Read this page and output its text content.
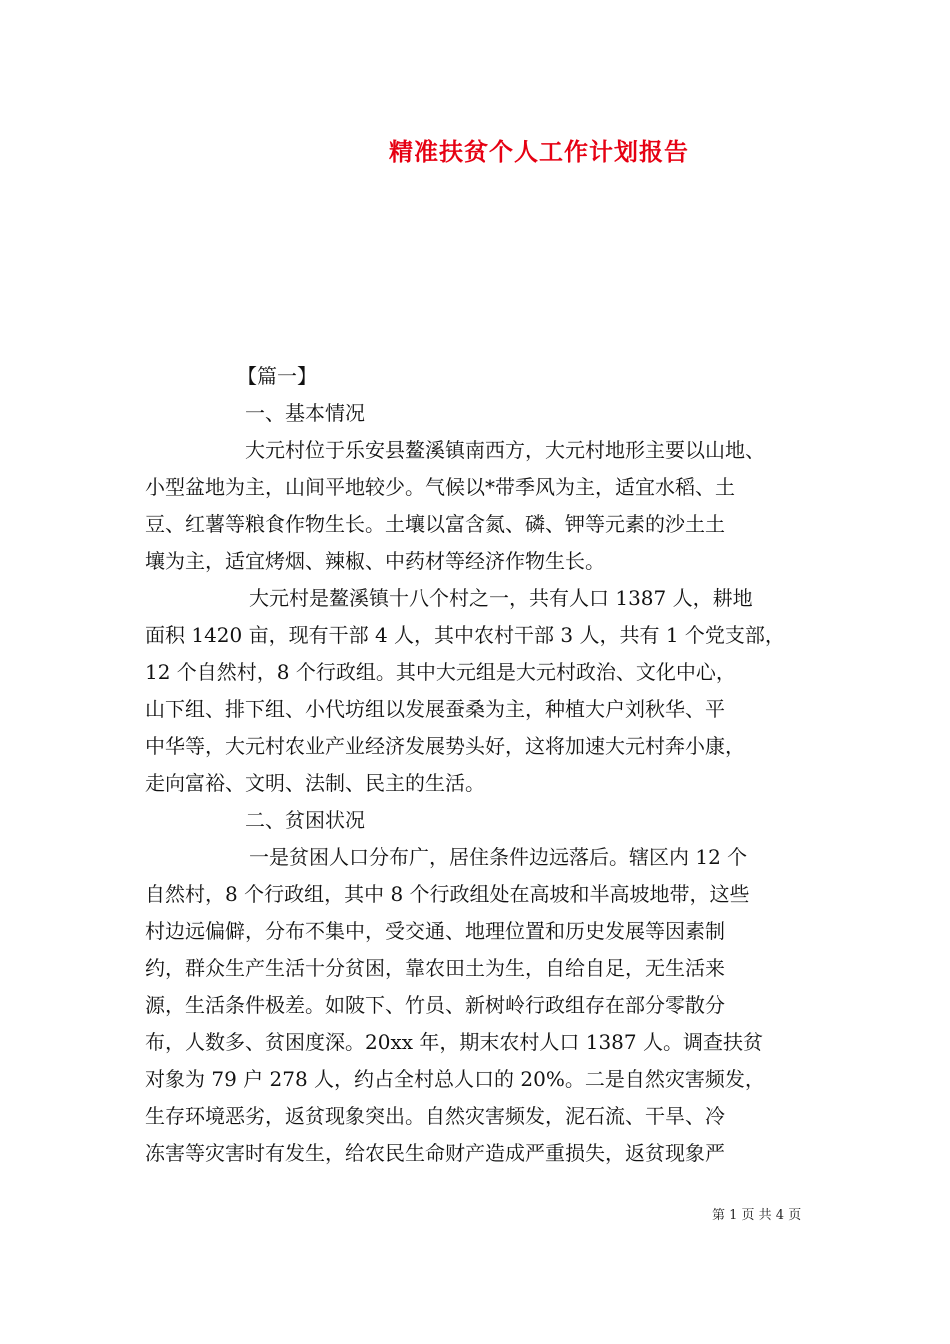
精准扶贫个人工作计划报告
【篇一】
一、基本情况
大元村位于乐安县鳌溪镇南西方，大元村地形主要以山地、
小型盆地为主，山间平地较少。气候以*带季风为主，适宜水稻、土
豆、红薯等粮食作物生长。土壤以富含氮、磷、钾等元素的沙土土
壤为主，适宜烤烟、辣椒、中药材等经济作物生长。
大元村是鳌溪镇十八个村之一，共有人口 1387 人，耕地
面积 1420 亩，现有干部 4 人，其中农村干部 3 人，共有 1 个党支部，
12 个自然村，8 个行政组。其中大元组是大元村政治、文化中心，
山下组、排下组、小代坊组以发展蚕桑为主，种植大户刘秋华、平
中华等，大元村农业产业经济发展势头好，这将加速大元村奔小康，
走向富裕、文明、法制、民主的生活。
二、贫困状况
一是贫困人口分布广，居住条件边远落后。辖区内 12 个
自然村，8 个行政组，其中 8 个行政组处在高坡和半高坡地带，这些
村边远偏僻，分布不集中，受交通、地理位置和历史发展等因素制
约，群众生产生活十分贫困，靠农田土为生，自给自足，无生活来
源，生活条件极差。如陂下、竹员、新树岭行政组存在部分零散分
布，人数多、贫困度深。20xx 年，期末农村人口 1387 人。调查扶贫
对象为 79 户 278 人，约占全村总人口的 20%。二是自然灾害频发，
生存环境恶劣，返贫现象突出。自然灾害频发，泥石流、干旱、冷
冻害等灾害时有发生，给农民生命财产造成严重损失，返贫现象严
第 1 页 共 4 页
